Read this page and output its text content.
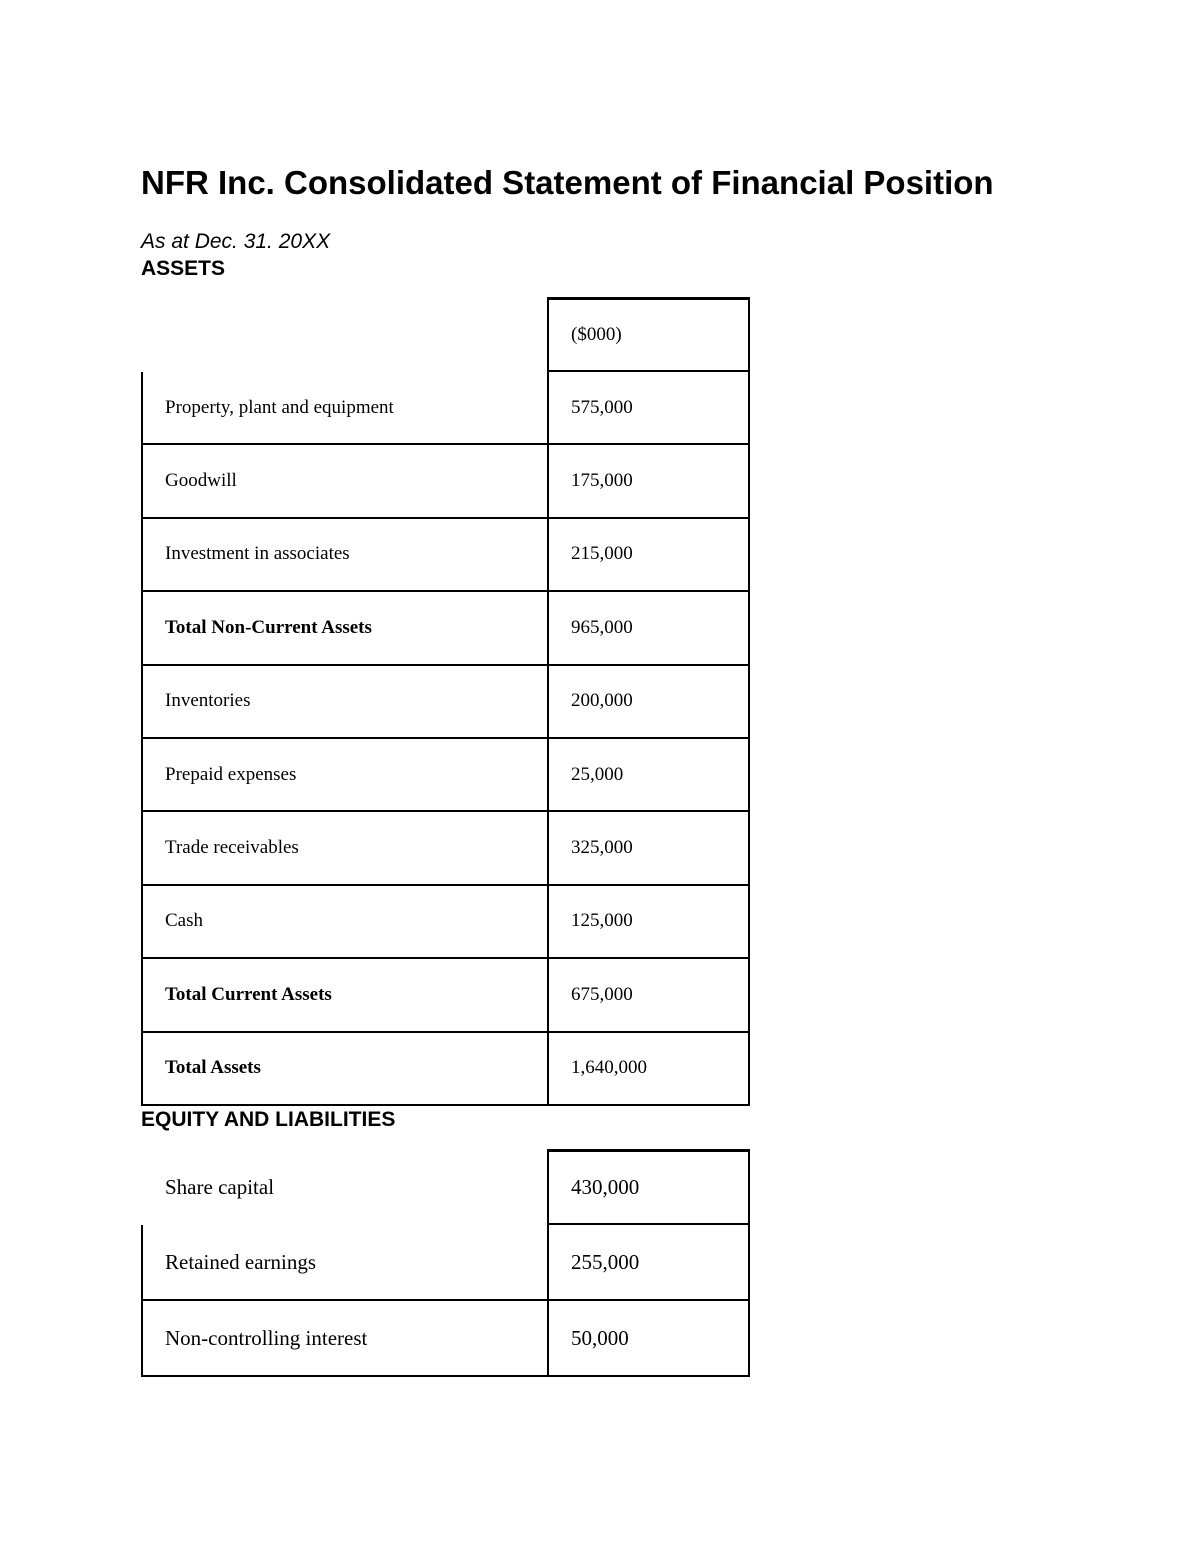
NFR Inc. Consolidated Statement of Financial Position
As at Dec. 31. 20XX
ASSETS
($000)
Property, plant and equipment	575,000
Goodwill	175,000
Investment in associates	215,000
Total Non-Current Assets	965,000
Inventories	200,000
Prepaid expenses	25,000
Trade receivables	325,000
Cash	125,000
Total Current Assets	675,000
Total Assets	1,640,000
EQUITY AND LIABILITIES
Share capital	430,000
Retained earnings	255,000
Non-controlling interest	50,000
